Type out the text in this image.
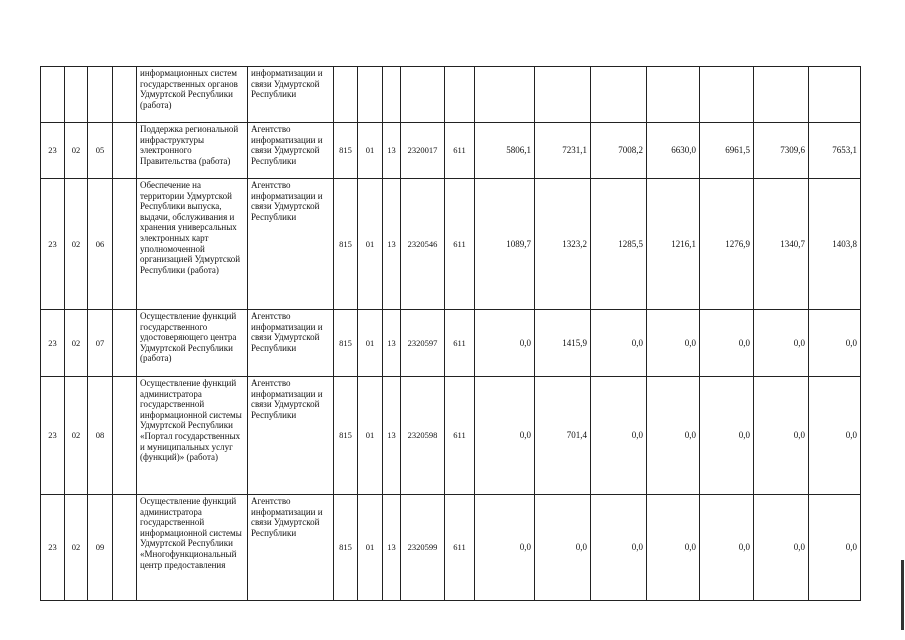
				информационных систем государственных органов Удмуртской Республики (работа)	информатизации и связи Удмуртской Республики												
23	02	05		Поддержка региональной инфраструктуры электронного Правительства (работа)	Агентство информатизации и связи Удмуртской Республики	815	01	13	2320017	611	5806,1	7231,1	7008,2	6630,0	6961,5	7309,6	7653,1
23	02	06		Обеспечение на территории Удмуртской Республики выпуска, выдачи, обслуживания и хранения универсальных электронных карт уполномоченной организацией Удмуртской Республики (работа)	Агентство информатизации и связи Удмуртской Республики	815	01	13	2320546	611	1089,7	1323,2	1285,5	1216,1	1276,9	1340,7	1403,8
23	02	07		Осуществление функций государственного удостоверяющего центра Удмуртской Республики (работа)	Агентство информатизации и связи Удмуртской Республики	815	01	13	2320597	611	0,0	1415,9	0,0	0,0	0,0	0,0	0,0
23	02	08		Осуществление функций администратора государственной информационной системы Удмуртской Республики «Портал государственных и муниципальных услуг (функций)» (работа)	Агентство информатизации и связи Удмуртской Республики	815	01	13	2320598	611	0,0	701,4	0,0	0,0	0,0	0,0	0,0
23	02	09		Осуществление функций администратора государственной информационной системы Удмуртской Республики «Многофункциональный центр предоставления	Агентство информатизации и связи Удмуртской Республики	815	01	13	2320599	611	0,0	0,0	0,0	0,0	0,0	0,0	0,0
